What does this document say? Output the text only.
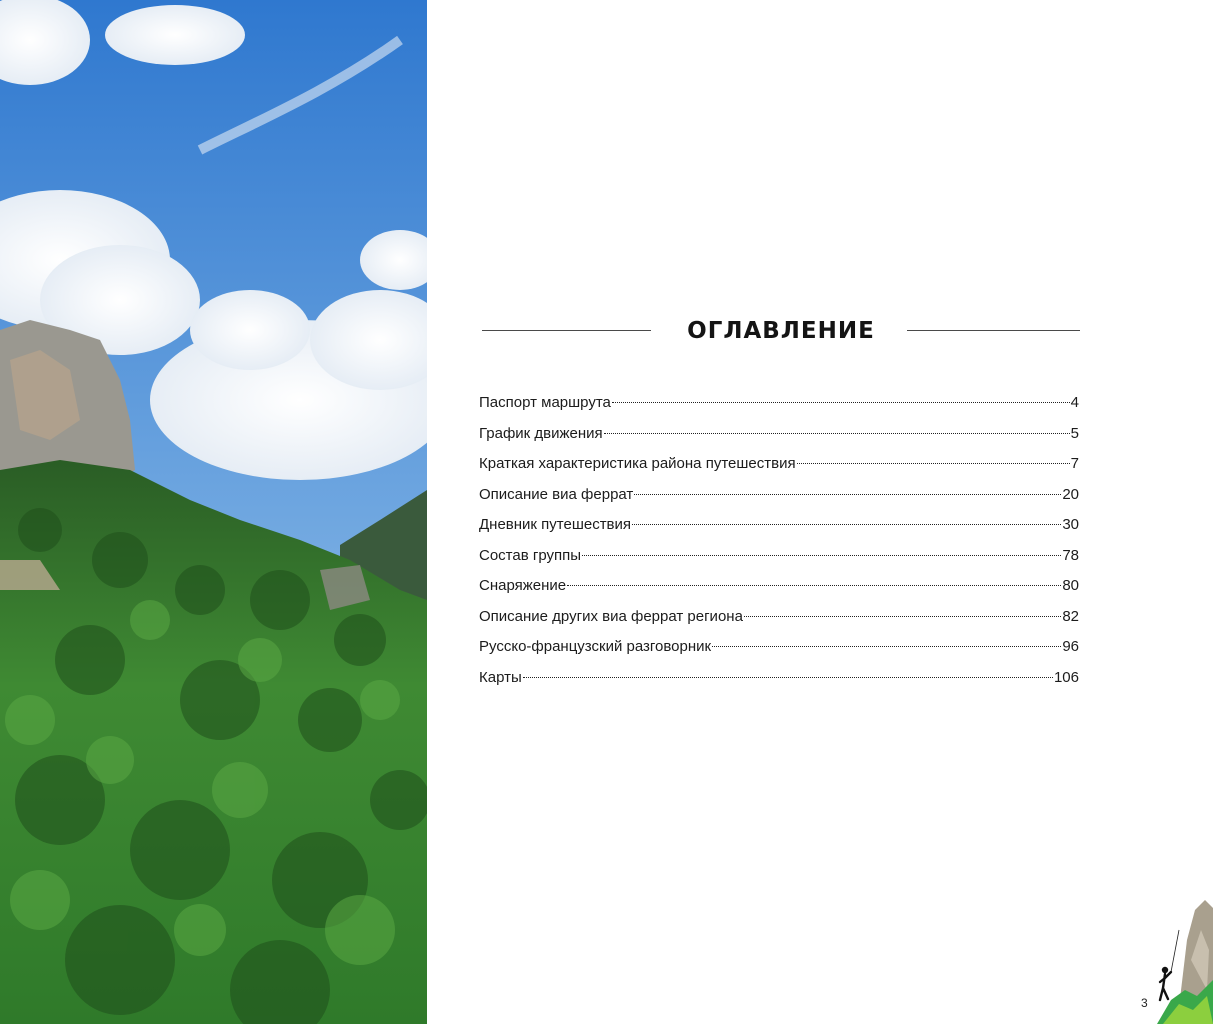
ОГЛАВЛЕНИЕ
Паспорт маршрута	4
График движения	5
Краткая характеристика района путешествия	7
Описание виа феррат	20
Дневник путешествия	30
Состав группы	78
Снаряжение	80
Описание других виа феррат региона	82
Русско-французский разговорник	96
Карты	106
3
